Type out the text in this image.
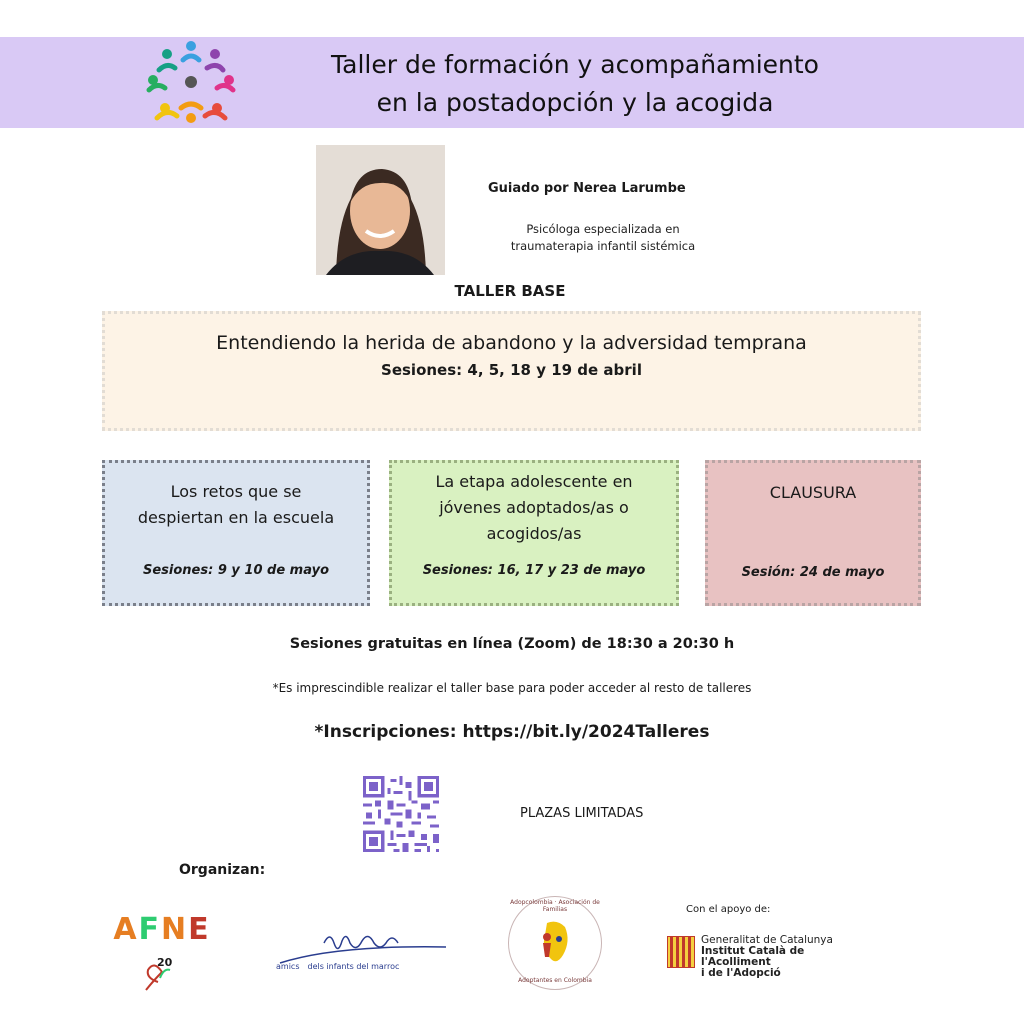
Taller de formación y acompañamiento
en la postadopción y la acogida
Guiado por Nerea Larumbe
Psicóloga especializada en
traumaterapia infantil sistémica
TALLER BASE
Entendiendo la herida de abandono y la adversidad temprana
Sesiones: 4, 5, 18 y 19 de abril
Los retos que se despiertan en la escuela
Sesiones: 9 y 10 de mayo
La etapa adolescente en jóvenes adoptados/as o acogidos/as
Sesiones: 16, 17 y 23 de mayo
CLAUSURA
Sesión: 24 de mayo
Sesiones gratuitas en línea (Zoom) de 18:30 a 20:30 h
*Es imprescindible realizar el taller base para poder acceder al resto de talleres
*Inscripciones: https://bit.ly/2024Talleres
PLAZAS LIMITADAS
Organizan:
AFNE
20	amics dels infants del marroc
Adopcolombia · Asociación de Familias
Adoptantes en Colombia
Con el apoyo de:
Generalitat de Catalunya
Institut Català de l'Acolliment
i de l'Adopció
